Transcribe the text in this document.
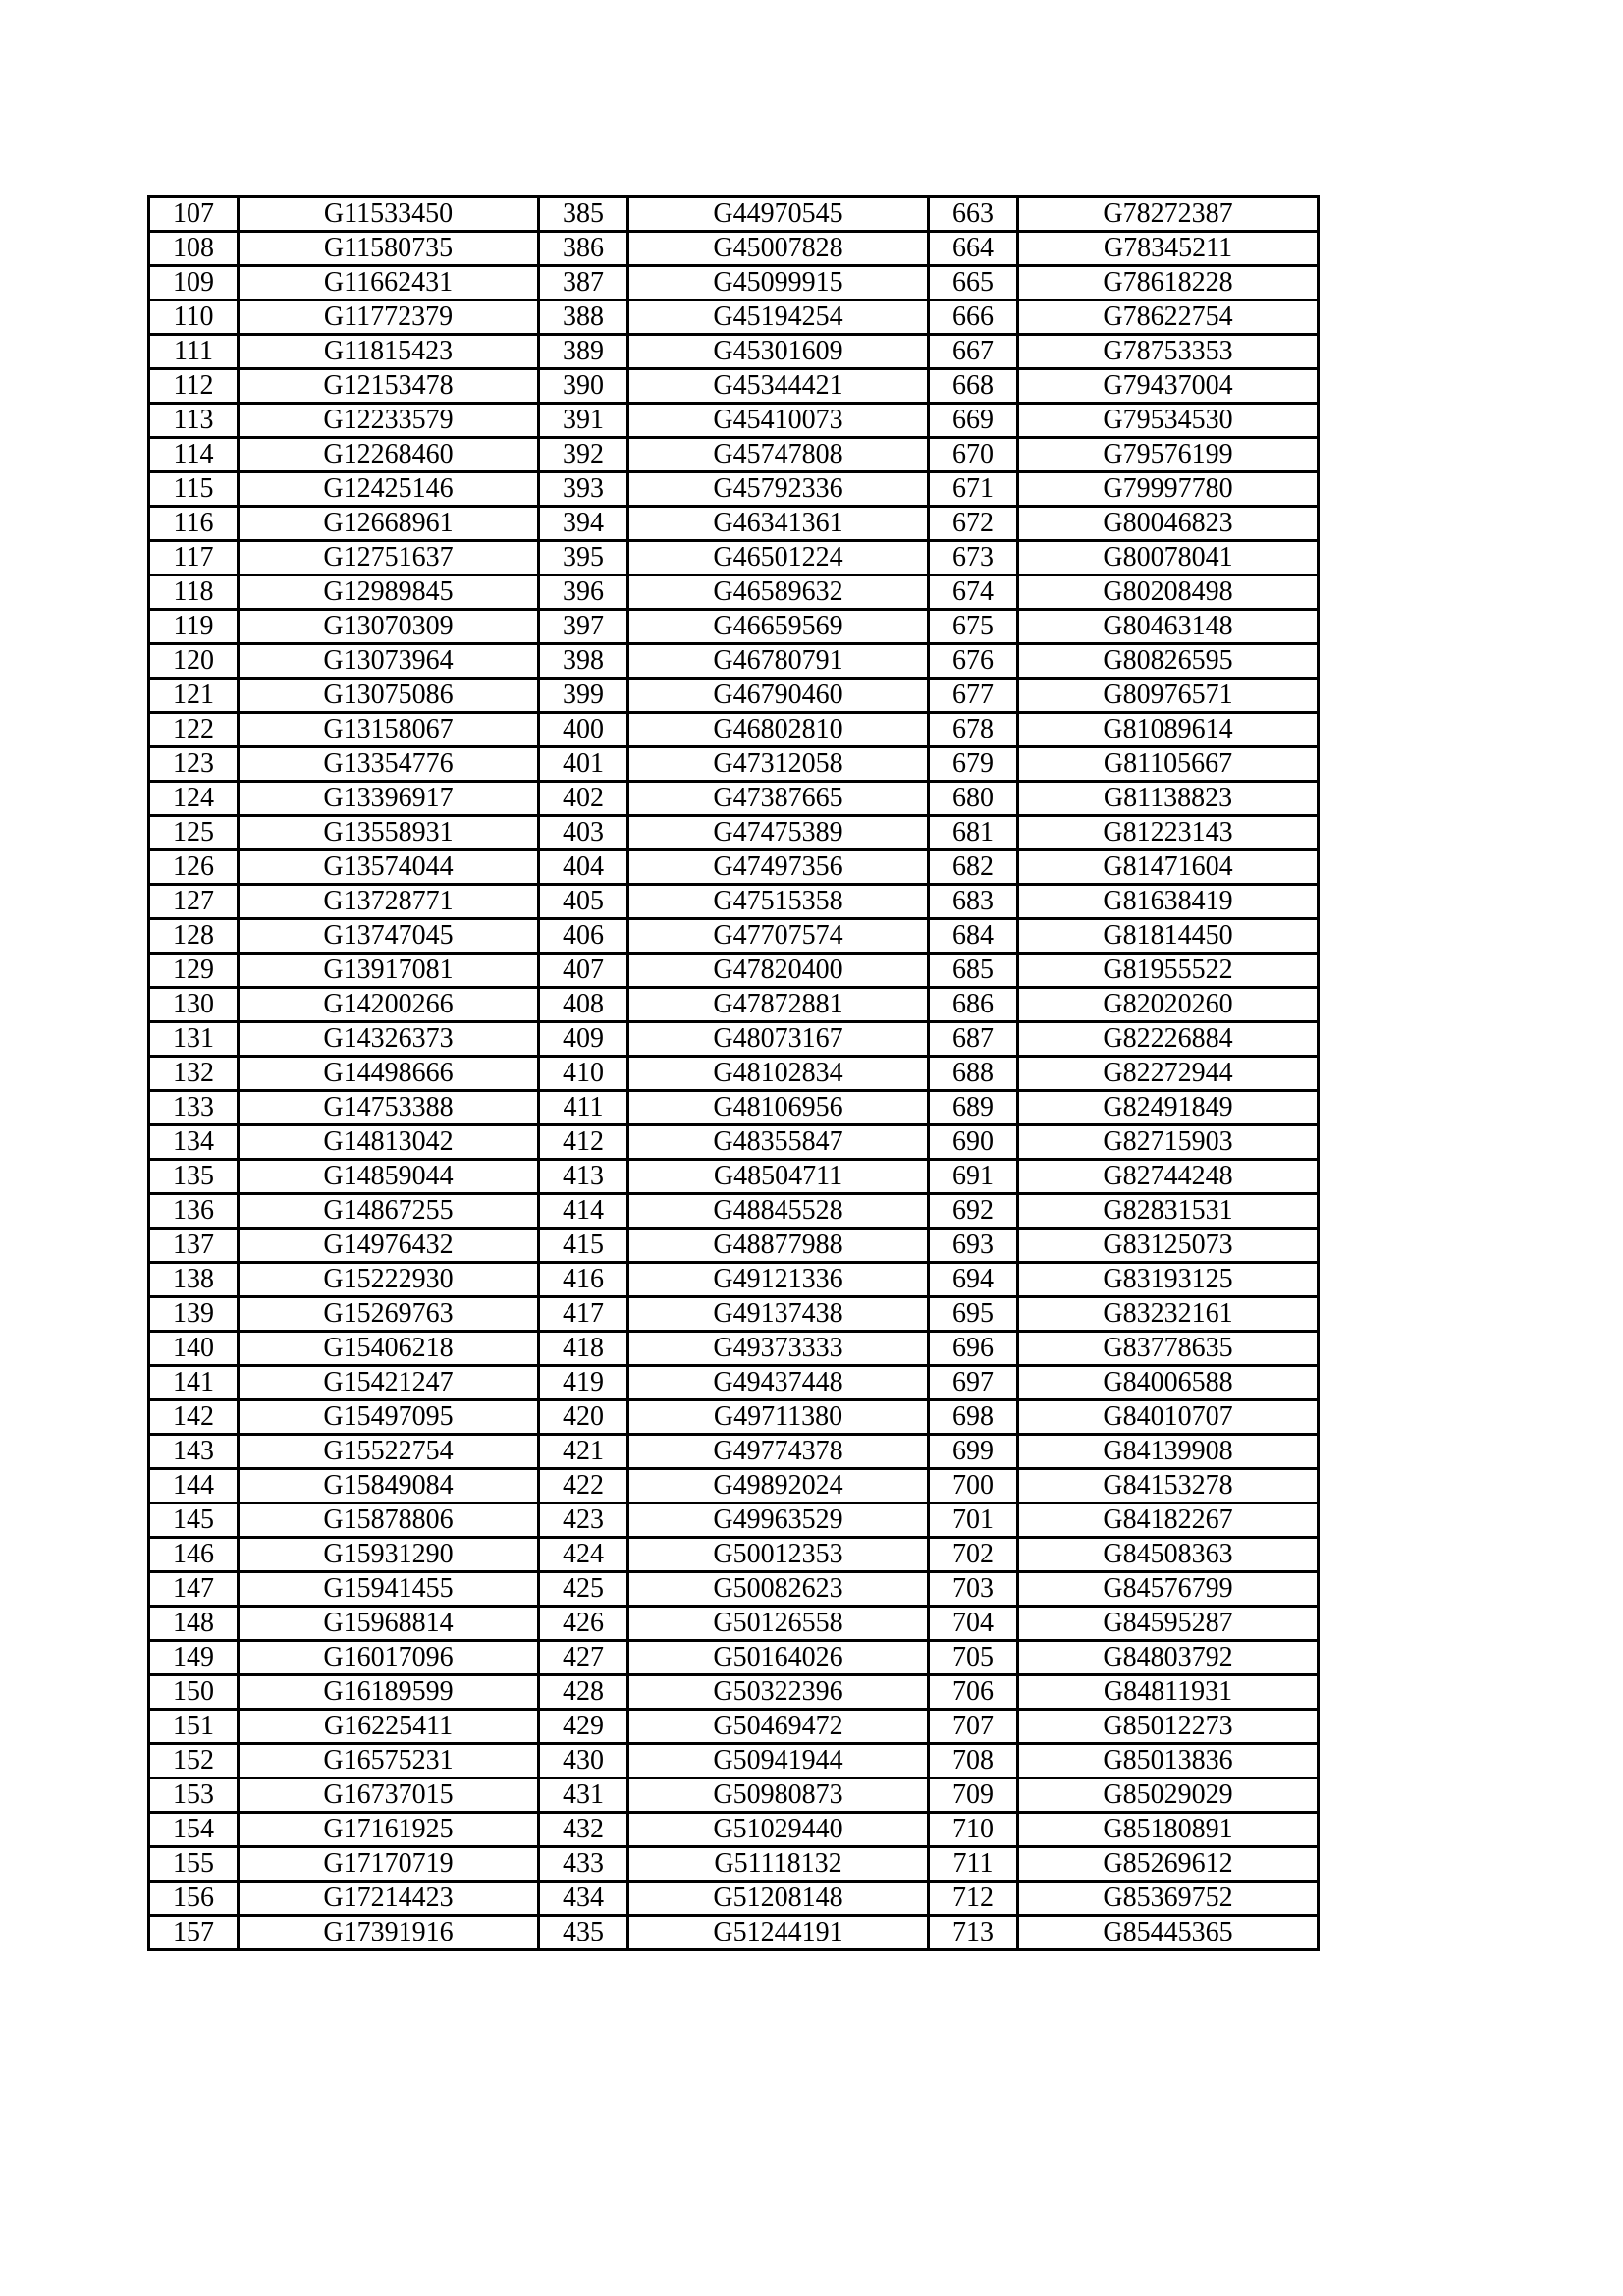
107	G11533450	385	G44970545	663	G78272387
108	G11580735	386	G45007828	664	G78345211
109	G11662431	387	G45099915	665	G78618228
110	G11772379	388	G45194254	666	G78622754
111	G11815423	389	G45301609	667	G78753353
112	G12153478	390	G45344421	668	G79437004
113	G12233579	391	G45410073	669	G79534530
114	G12268460	392	G45747808	670	G79576199
115	G12425146	393	G45792336	671	G79997780
116	G12668961	394	G46341361	672	G80046823
117	G12751637	395	G46501224	673	G80078041
118	G12989845	396	G46589632	674	G80208498
119	G13070309	397	G46659569	675	G80463148
120	G13073964	398	G46780791	676	G80826595
121	G13075086	399	G46790460	677	G80976571
122	G13158067	400	G46802810	678	G81089614
123	G13354776	401	G47312058	679	G81105667
124	G13396917	402	G47387665	680	G81138823
125	G13558931	403	G47475389	681	G81223143
126	G13574044	404	G47497356	682	G81471604
127	G13728771	405	G47515358	683	G81638419
128	G13747045	406	G47707574	684	G81814450
129	G13917081	407	G47820400	685	G81955522
130	G14200266	408	G47872881	686	G82020260
131	G14326373	409	G48073167	687	G82226884
132	G14498666	410	G48102834	688	G82272944
133	G14753388	411	G48106956	689	G82491849
134	G14813042	412	G48355847	690	G82715903
135	G14859044	413	G48504711	691	G82744248
136	G14867255	414	G48845528	692	G82831531
137	G14976432	415	G48877988	693	G83125073
138	G15222930	416	G49121336	694	G83193125
139	G15269763	417	G49137438	695	G83232161
140	G15406218	418	G49373333	696	G83778635
141	G15421247	419	G49437448	697	G84006588
142	G15497095	420	G49711380	698	G84010707
143	G15522754	421	G49774378	699	G84139908
144	G15849084	422	G49892024	700	G84153278
145	G15878806	423	G49963529	701	G84182267
146	G15931290	424	G50012353	702	G84508363
147	G15941455	425	G50082623	703	G84576799
148	G15968814	426	G50126558	704	G84595287
149	G16017096	427	G50164026	705	G84803792
150	G16189599	428	G50322396	706	G84811931
151	G16225411	429	G50469472	707	G85012273
152	G16575231	430	G50941944	708	G85013836
153	G16737015	431	G50980873	709	G85029029
154	G17161925	432	G51029440	710	G85180891
155	G17170719	433	G51118132	711	G85269612
156	G17214423	434	G51208148	712	G85369752
157	G17391916	435	G51244191	713	G85445365
